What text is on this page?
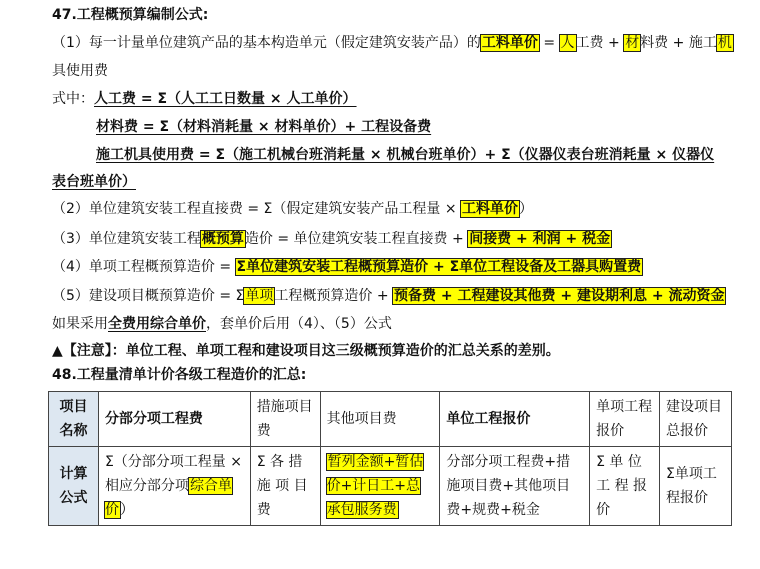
47.工程概预算编制公式:
（1）每一计量单位建筑产品的基本构造单元（假定建筑安装产品）的工料单价 = 人工费 + 材料费 + 施工机
具使用费
式中：人工费 = Σ（人工工日数量 × 人工单价）
材料费 = Σ（材料消耗量 × 材料单价）+ 工程设备费
施工机具使用费 = Σ（施工机械台班消耗量 × 机械台班单价）+ Σ（仪器仪表台班消耗量 × 仪器仪
表台班单价）
（2）单位建筑安装工程直接费 = Σ（假定建筑安装产品工程量 × 工料单价）
（3）单位建筑安装工程概预算造价 = 单位建筑安装工程直接费 + 间接费 + 利润 + 税金
（4）单项工程概预算造价 = Σ单位建筑安装工程概预算造价 + Σ单位工程设备及工器具购置费
（5）建设项目概预算造价 = Σ单项工程概预算造价 + 预备费 + 工程建设其他费 + 建设期利息 + 流动资金
如果采用全费用综合单价，套单价后用（4）、（5）公式
▲【注意】：单位工程、单项工程和建设项目这三级概预算造价的汇总关系的差别。
48.工程量清单计价各级工程造价的汇总:
项目名称	分部分项工程费	措施项目费	其他项目费	单位工程报价	单项工程报价	建设项目总报价
计算公式	Σ（分部分项工程量 × 相应分部分项综合单价）	Σ 各 措 施 项 目 费	暂列金额+暂估价+计日工+总承包服务费	分部分项工程费+措施项目费+其他项目费+规费+税金	Σ 单 位 工 程 报 价	Σ单项工程报价
